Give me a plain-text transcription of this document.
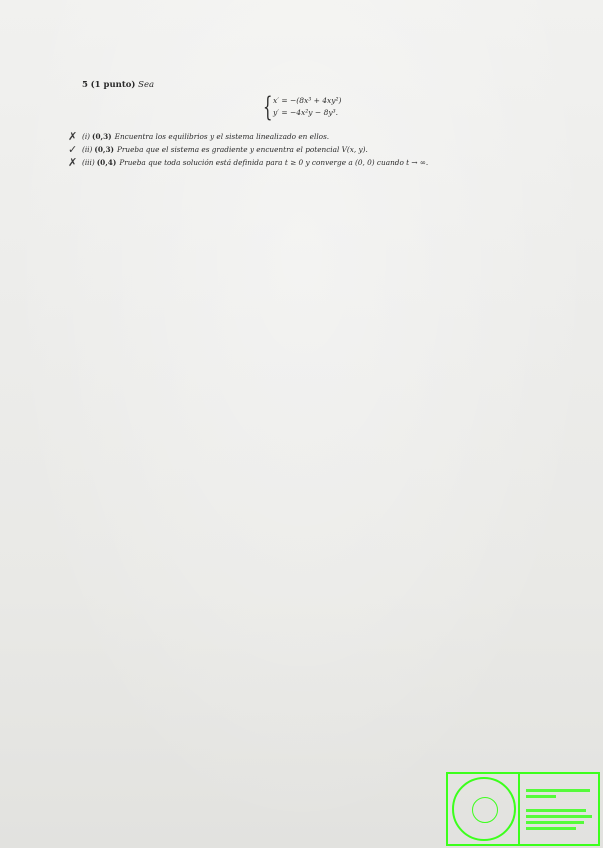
5 (1 punto) Sea
{ x′ = −(8x³ + 4xy²)
y′ = −4x²y − 8y³.
✗ (i) (0,3) Encuentra los equilibrios y el sistema linealizado en ellos.
✓ (ii) (0,3) Prueba que el sistema es gradiente y encuentra el potencial V(x, y).
✗ (iii) (0,4) Prueba que toda solución está definida para t ≥ 0 y converge a (0, 0) cuando t → ∞.
